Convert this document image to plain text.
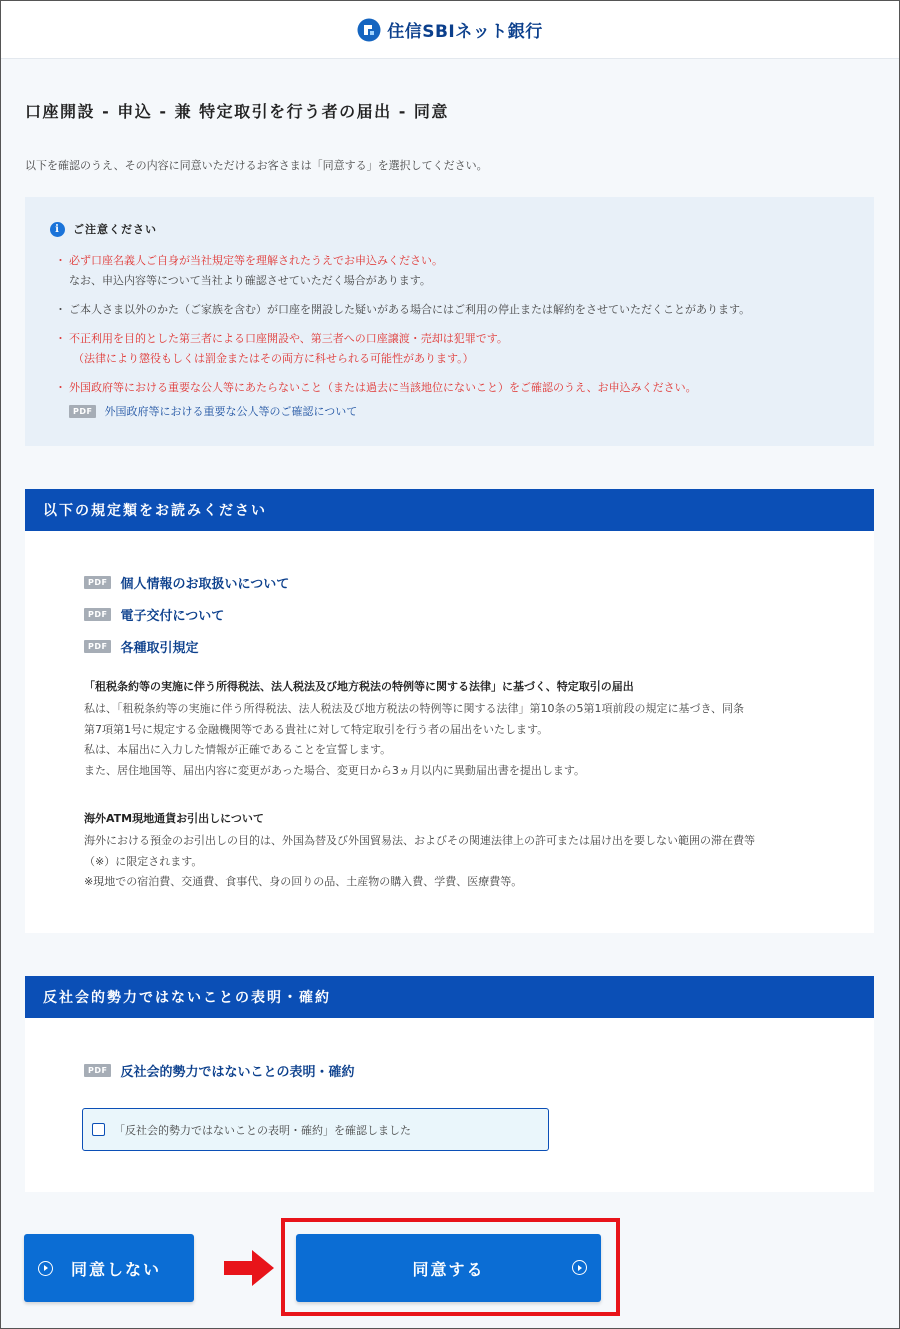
住信SBIネット銀行
口座開設 - 申込 - 兼 特定取引を行う者の届出 - 同意
以下を確認のうえ、その内容に同意いただけるお客さまは「同意する」を選択してください。
i	ご注意ください
・ 必ず口座名義人ご自身が当社規定等を理解されたうえでお申込みください。
なお、申込内容等について当社より確認させていただく場合があります。
・ ご本人さま以外のかた（ご家族を含む）が口座を開設した疑いがある場合にはご利用の停止または解約をさせていただくことがあります。
・ 不正利用を目的とした第三者による口座開設や、第三者への口座譲渡・売却は犯罪です。
（法律により懲役もしくは罰金またはその両方に科せられる可能性があります。）
・ 外国政府等における重要な公人等にあたらないこと（または過去に当該地位にないこと）をご確認のうえ、お申込みください。
PDF	外国政府等における重要な公人等のご確認について
以下の規定類をお読みください
PDF	個人情報のお取扱いについて
PDF	電子交付について
PDF	各種取引規定
「租税条約等の実施に伴う所得税法、法人税法及び地方税法の特例等に関する法律」に基づく、特定取引の届出
私は、「租税条約等の実施に伴う所得税法、法人税法及び地方税法の特例等に関する法律」第10条の5第1項前段の規定に基づき、同条
第7項第1号に規定する金融機関等である貴社に対して特定取引を行う者の届出をいたします。
私は、本届出に入力した情報が正確であることを宣誓します。
また、居住地国等、届出内容に変更があった場合、変更日から3ヵ月以内に異動届出書を提出します。
海外ATM現地通貨お引出しについて
海外における預金のお引出しの目的は、外国為替及び外国貿易法、およびその関連法律上の許可または届け出を要しない範囲の滞在費等
（※）に限定されます。
※現地での宿泊費、交通費、食事代、身の回りの品、土産物の購入費、学費、医療費等。
反社会的勢力ではないことの表明・確約
PDF	反社会的勢力ではないことの表明・確約
「反社会的勢力ではないことの表明・確約」を確認しました
同意しない	同意する
